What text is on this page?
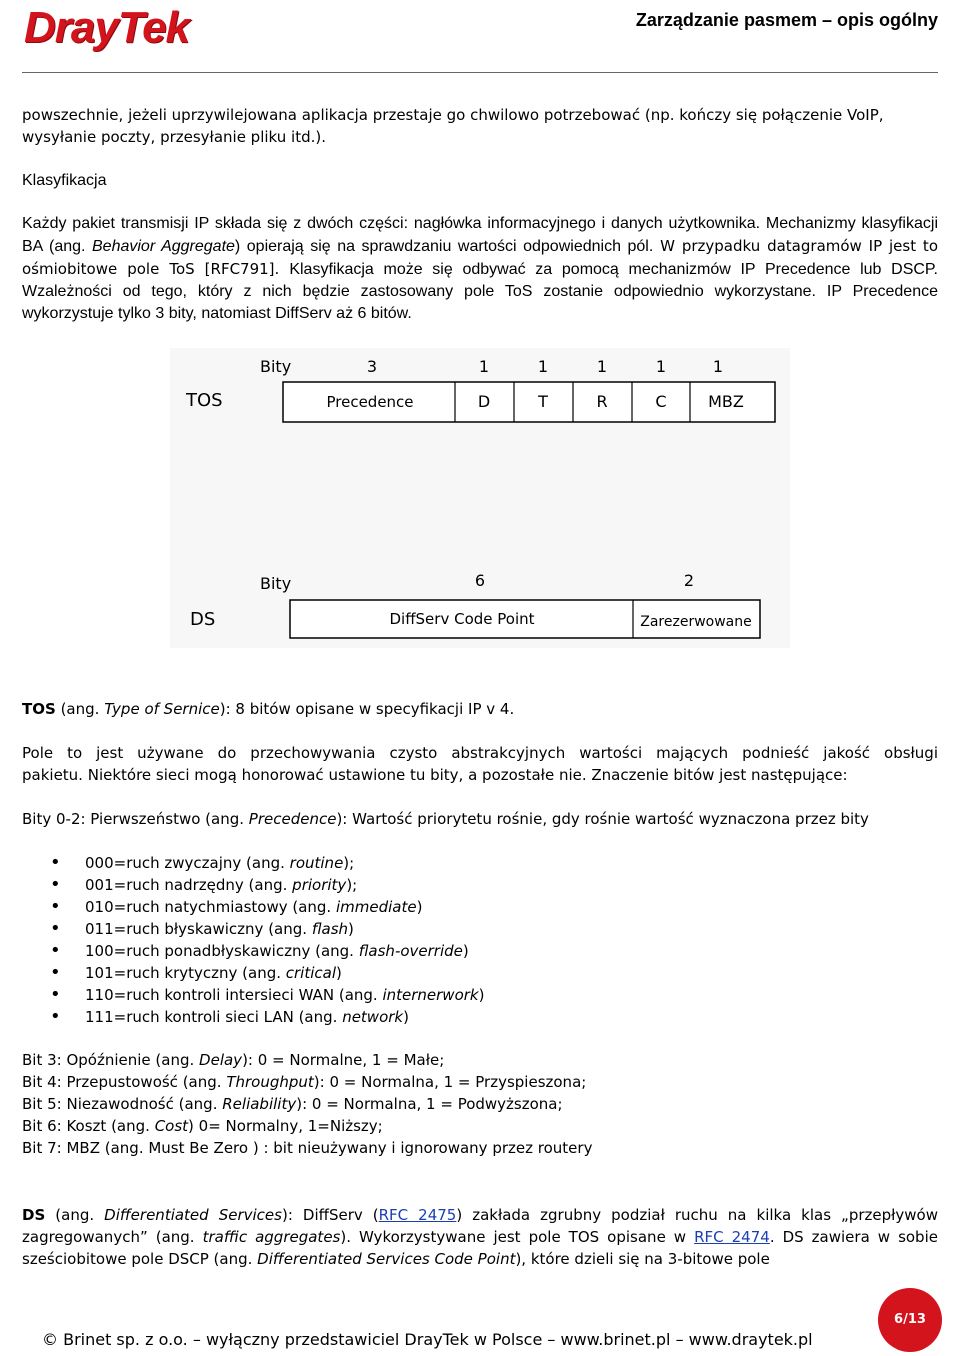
DrayTek	Zarządzanie pasmem – opis ogólny
powszechnie, jeżeli uprzywilejowana aplikacja przestaje go chwilowo potrzebować (np. kończy się połączenie VoIP,
wysyłanie poczty, przesyłanie pliku itd.).
Klasyfikacja
Każdy pakiet transmisji IP składa się z dwóch części: nagłówka informacyjnego i danych użytkownika. Mechanizmy klasyfikacji BA (ang. Behavior Aggregate) opierają się na sprawdzaniu wartości odpowiednich pól. W przypadku datagramów IP jest to ośmiobitowe pole ToS [RFC791]. Klasyfikacja może się odbywać za pomocą mechanizmów IP Precedence lub DSCP. Wzależności od tego, który z nich będzie zastosowany pole ToS zostanie odpowiednio wykorzystane. IP Precedence wykorzystuje tylko 3 bity, natomiast DiffServ aż 6 bitów.
Bity	3	1	1	1	1	1
TOS	Precedence	D	T	R	C	MBZ
Bity	6	2
DS	DiffServ Code Point	Zarezerwowane
TOS (ang. Type of Sernice): 8 bitów opisane w specyfikacji IP v 4.
Pole to jest używane do przechowywania czysto abstrakcyjnych wartości mających podnieść jakość obsługi
pakietu. Niektóre sieci mogą honorować ustawione tu bity, a pozostałe nie. Znaczenie bitów jest następujące:
Bity 0-2: Pierwszeństwo (ang. Precedence): Wartość priorytetu rośnie, gdy rośnie wartość wyznaczona przez bity
• 000=ruch zwyczajny (ang. routine);
• 001=ruch nadrzędny (ang. priority);
• 010=ruch natychmiastowy (ang. immediate)
• 011=ruch błyskawiczny (ang. flash)
• 100=ruch ponadbłyskawiczny (ang. flash-override)
• 101=ruch krytyczny (ang. critical)
• 110=ruch kontroli intersieci WAN (ang. internerwork)
• 111=ruch kontroli sieci LAN (ang. network)
Bit 3: Opóźnienie (ang. Delay): 0 = Normalne, 1 = Małe;
Bit 4: Przepustowość (ang. Throughput): 0 = Normalna, 1 = Przyspieszona;
Bit 5: Niezawodność (ang. Reliability): 0 = Normalna, 1 = Podwyższona;
Bit 6: Koszt (ang. Cost) 0= Normalny, 1=Niższy;
Bit 7: MBZ (ang. Must Be Zero ) : bit nieużywany i ignorowany przez routery
DS (ang. Differentiated Services): DiffServ (RFC 2475) zakłada zgrubny podział ruchu na kilka klas „przepływów zagregowanych” (ang. traffic aggregates). Wykorzystywane jest pole TOS opisane w RFC 2474. DS zawiera w sobie sześciobitowe pole DSCP (ang. Differentiated Services Code Point), które dzieli się na 3-bitowe pole
© Brinet sp. z o.o. – wyłączny przedstawiciel DrayTek w Polsce – www.brinet.pl – www.draytek.pl
6/13
